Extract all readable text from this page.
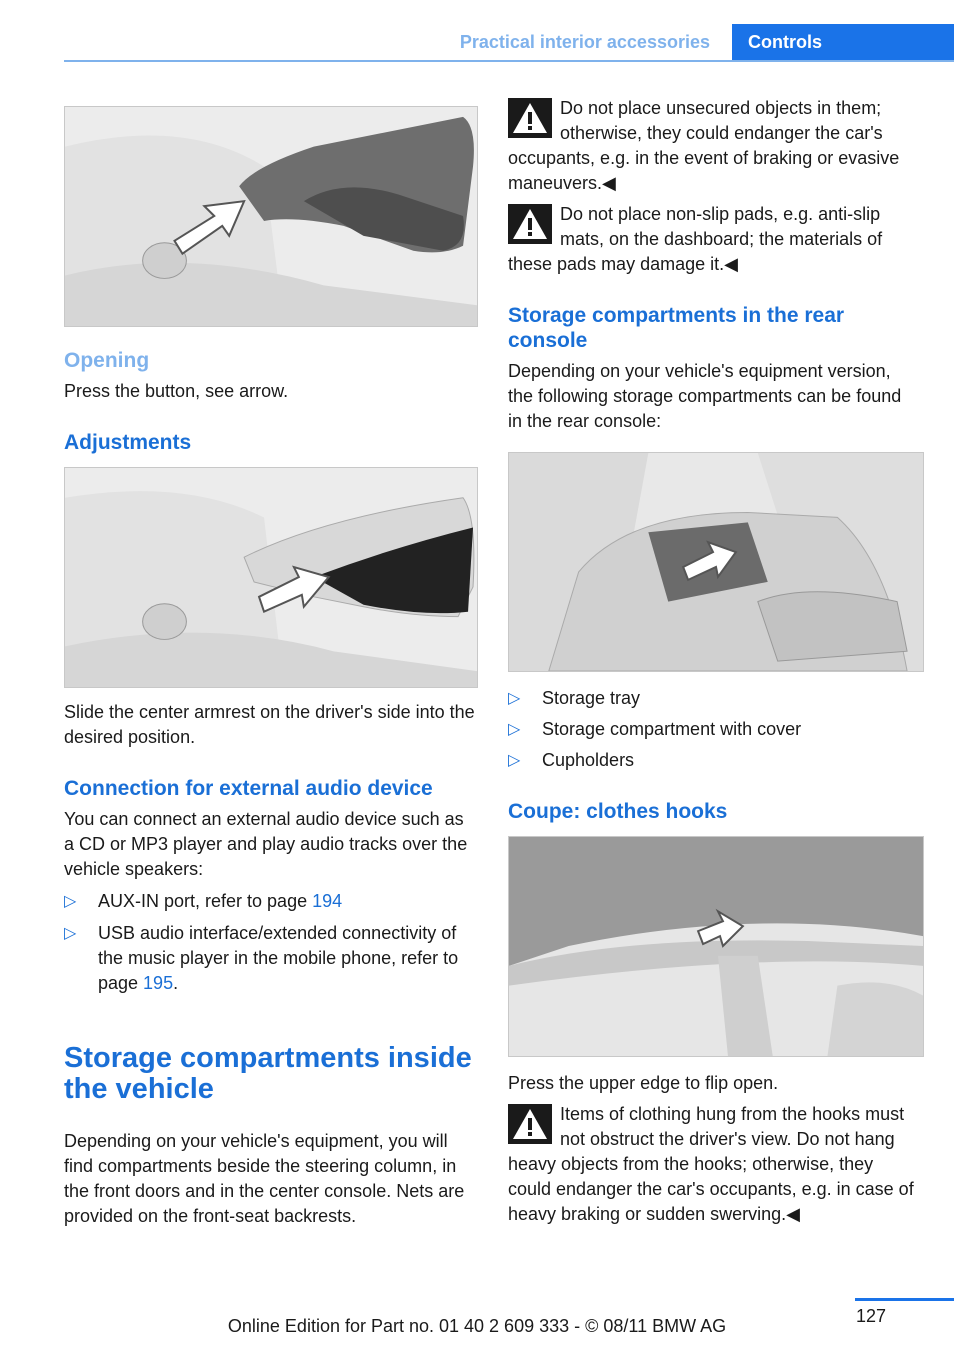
Practical interior accessories	Controls
Opening

Press the button, see arrow.

Adjustments

Slide the center armrest on the driver's side into the desired position.

Connection for external audio device

You can connect an external audio device such as a CD or MP3 player and play audio tracks over the vehicle speakers:

▷ AUX-IN port, refer to page 194
▷ USB audio interface/extended connectivity of the music player in the mobile phone, refer to page 195.
Storage compartments inside the vehicle

Depending on your vehicle's equipment, you will find compartments beside the steering column, in the front doors and in the center console. Nets are provided on the front-seat backrests.

Do not place unsecured objects in them; otherwise, they could endanger the car's occupants, e.g. in the event of braking or evasive maneuvers.◀

Do not place non-slip pads, e.g. anti-slip mats, on the dashboard; the materials of these pads may damage it.◀

Storage compartments in the rear console

Depending on your vehicle's equipment version, the following storage compartments can be found in the rear console:

▷ Storage tray
▷ Storage compartment with cover
▷ Cupholders
Coupe: clothes hooks

Press the upper edge to flip open.

Items of clothing hung from the hooks must not obstruct the driver's view. Do not hang heavy objects from the hooks; otherwise, they could endanger the car's occupants, e.g. in case of heavy braking or sudden swerving.◀

127
Online Edition for Part no. 01 40 2 609 333 - © 08/11 BMW AG
